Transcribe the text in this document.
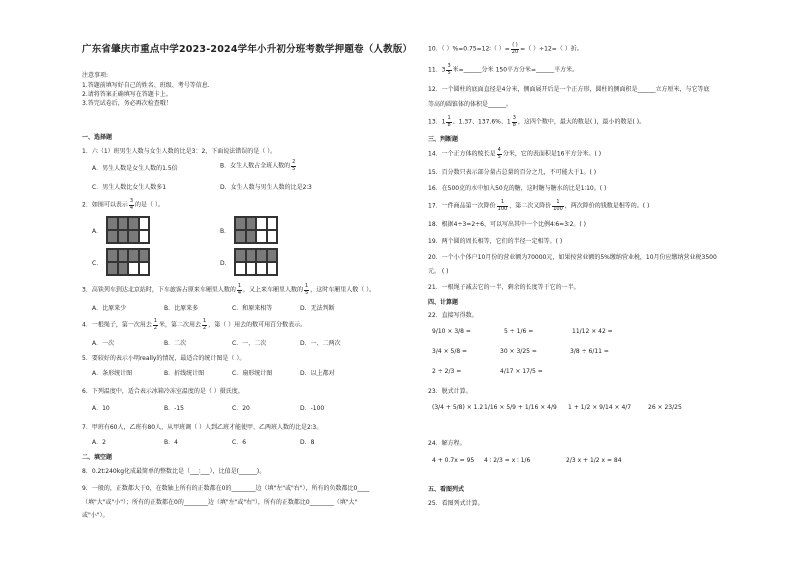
广东省肇庆市重点中学2023-2024学年小升初分班考数学押题卷（人教版）
注意事项:
1.答题前填写好自己的姓名、班级、考号等信息.
2.请将答案正确填写在答题卡上。
3.答完试卷后，务必再次检查哦！
一、选择题
1．六（1）班男生人数与女生人数的比是3：2，下面说法错误的是（ ）。
A．男生人数是女生人数的1.5倍	B．女生人数占全班人数的 $\frac{2}{5}$
C．男生人数比女生人数多1	D．女生人数与男生人数的比是2∶3
2．如图可以表示 $\frac{3}{4}$ 的是（ ）。
A．	B．
C．	D．
3．高铁列车到达北京站时，下车旅客占原来车厢里人数的 $\frac{1}{4}$ ，又上来车厢里人数的 $\frac{1}{5}$ ，这时车厢里人数（ ）。
A．比原来少	B．比原来多	C．和原来相等	D．无法判断
4．一根绳子，第一次用去 $\frac{1}{2}$ 米，第二次用去 $\frac{1}{2}$ ，第（ ）用去的数可用百分数表示。
A．一次	B．二次	C．一、二次	D．一、二两次
5．要较好的表示小明really的情况，最适合的统计图是（ ）。
A．条形统计图	B．折线统计图	C．扇形统计图	D．以上都对
6．下列温度中，适合表示冰箱冷冻室温度的是（ ）摄氏度。
A．10	B．-15	C．20	D．-100
7．甲班有60人，乙班有80人，从甲班调（ ）人到乙班才能使甲、乙两班人数的比是2∶3。
A．2	B．4	C．6	D．8
二、填空题
8．0.2t∶240kg化成最简单的整数比是（___∶___），比值是(______)。
9．一般的，正数都大于0，在数轴上所有的正数都在0的________边（填"左"或"右"），所有的负数都比0____
（填"大"或"小"）；所有的正数都在0的________边（填"左"或"右"），所有的正数都比0________（填"大"
或"小"）。
10．（ ）%=0.75=12∶（ ）= $\frac{( )}{20}$ =（ ）÷12=（ ）折。
11．$3 \frac{3}{5}$ 米=______分米 150平方分米=______平方米。
12．一个圆柱的底面直径是4分米，侧面展开后是一个正方形，圆柱的侧面积是______立方厘米，与它等底
等高的圆锥体的体积是______。
13．$1 \frac{1}{8}$ 、1.37、137.6%、$1 \frac{3}{8}$ ，这四个数中，最大的数是( )，最小的数是( )。
三、判断题
14．一个正方体的棱长是 $\frac{4}{5}$ 分米，它的表面积是16平方分米。( )
15．百分数只表示部分量占总量的百分之几，不可能大于1。( )
16．在500克的水中加入50克的糖，这时糖与糖水的比是1∶10。( )
17．一件商品第一次降价 $\frac{1}{100}$ ，第二次又降价 $\frac{1}{100}$ ，两次降价的钱数是相等的。( )
18．根据4÷3=2÷6，可以写出其中一个比例4∶6=3∶2。( )
19．两个圆的周长相等，它们的半径一定相等。( )
20．一个小个体户10月份的营业额为70000元，如果按营业额的5%缴纳营业税，10月份应缴纳营业税3500
元。 ( )
21．一根绳子减去它的一半，剩余的长度等于它的一半。
四、计算题
22．直接写得数。
9/10 × 3/8 =	5 ÷ 1/6 =	11/12 × 42 =
3/4 × 5/8 =	30 × 3/25 =	3/8 ÷ 6/11 =
2 ÷ 2/3 =	4/17 × 17/5 =
23．脱式计算。
(3/4 + 5/8) × 1.2 1/16 × 5/9 + 1/16 × 4/9 1 + 1/2 × 9/14 × 4/7	26 × 23/25
24．解方程。
4 + 0.7x = 95 4 ∶ 2/3 = x ∶ 1/6	2/3 x + 1/2 x = 84
五、看图列式
25．看图列式计算。
